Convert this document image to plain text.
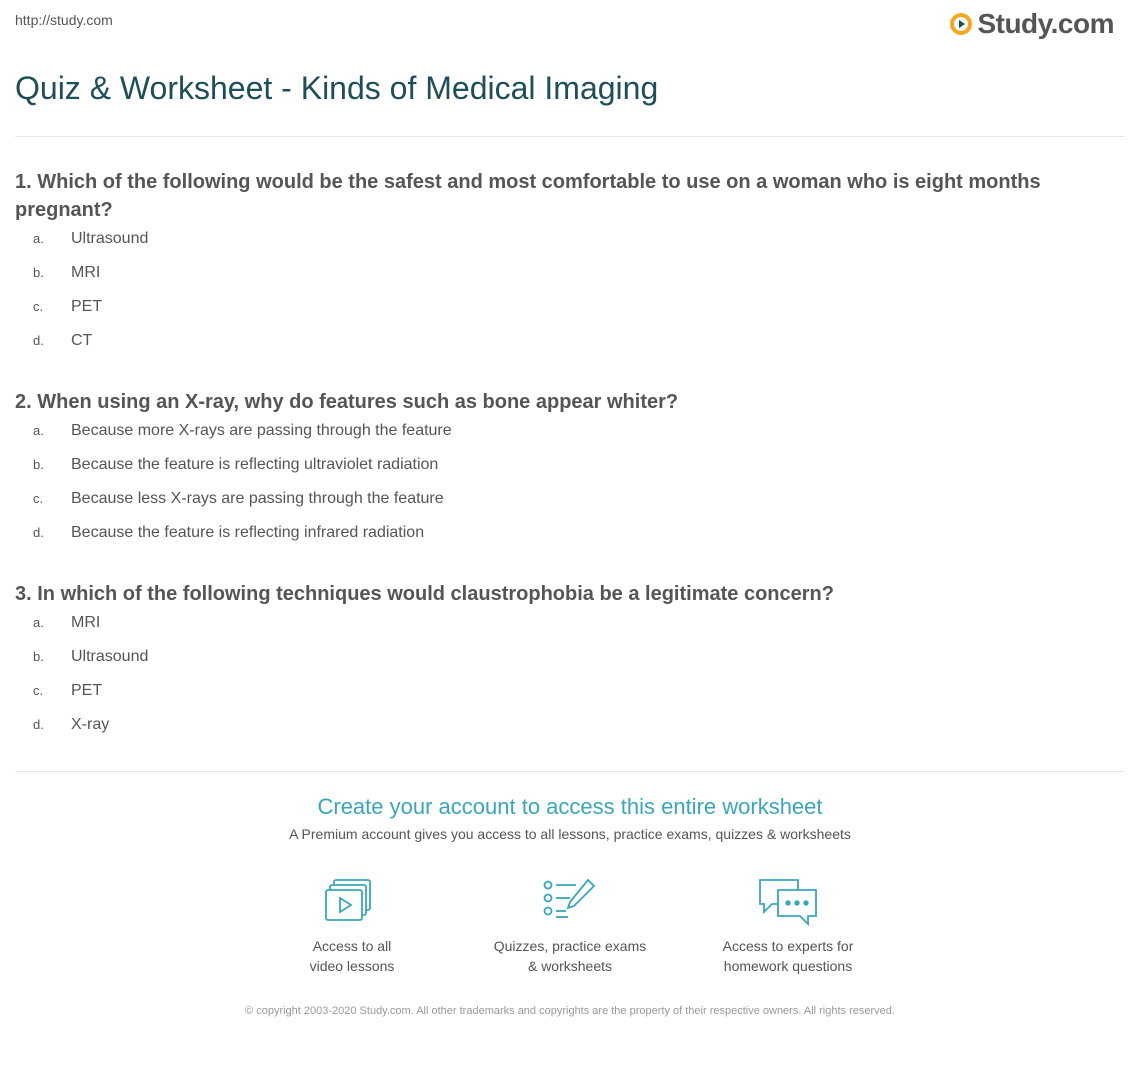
http://study.com	Study.com
Quiz & Worksheet - Kinds of Medical Imaging

1. Which of the following would be the safest and most comfortable to use on a woman who is eight months pregnant?

a.	Ultrasound
b.	MRI
c.	PET
d.	CT

2. When using an X-ray, why do features such as bone appear whiter?

a.	Because more X-rays are passing through the feature
b.	Because the feature is reflecting ultraviolet radiation
c.	Because less X-rays are passing through the feature
d.	Because the feature is reflecting infrared radiation

3. In which of the following techniques would claustrophobia be a legitimate concern?

a.	MRI
b.	Ultrasound
c.	PET
d.	X-ray

Create your account to access this entire worksheet

A Premium account gives you access to all lessons, practice exams, quizzes & worksheets
Access to all
video lessons
Quizzes, practice exams
& worksheets
Access to experts for
homework questions
© copyright 2003-2020 Study.com. All other trademarks and copyrights are the property of their respective owners. All rights reserved.
